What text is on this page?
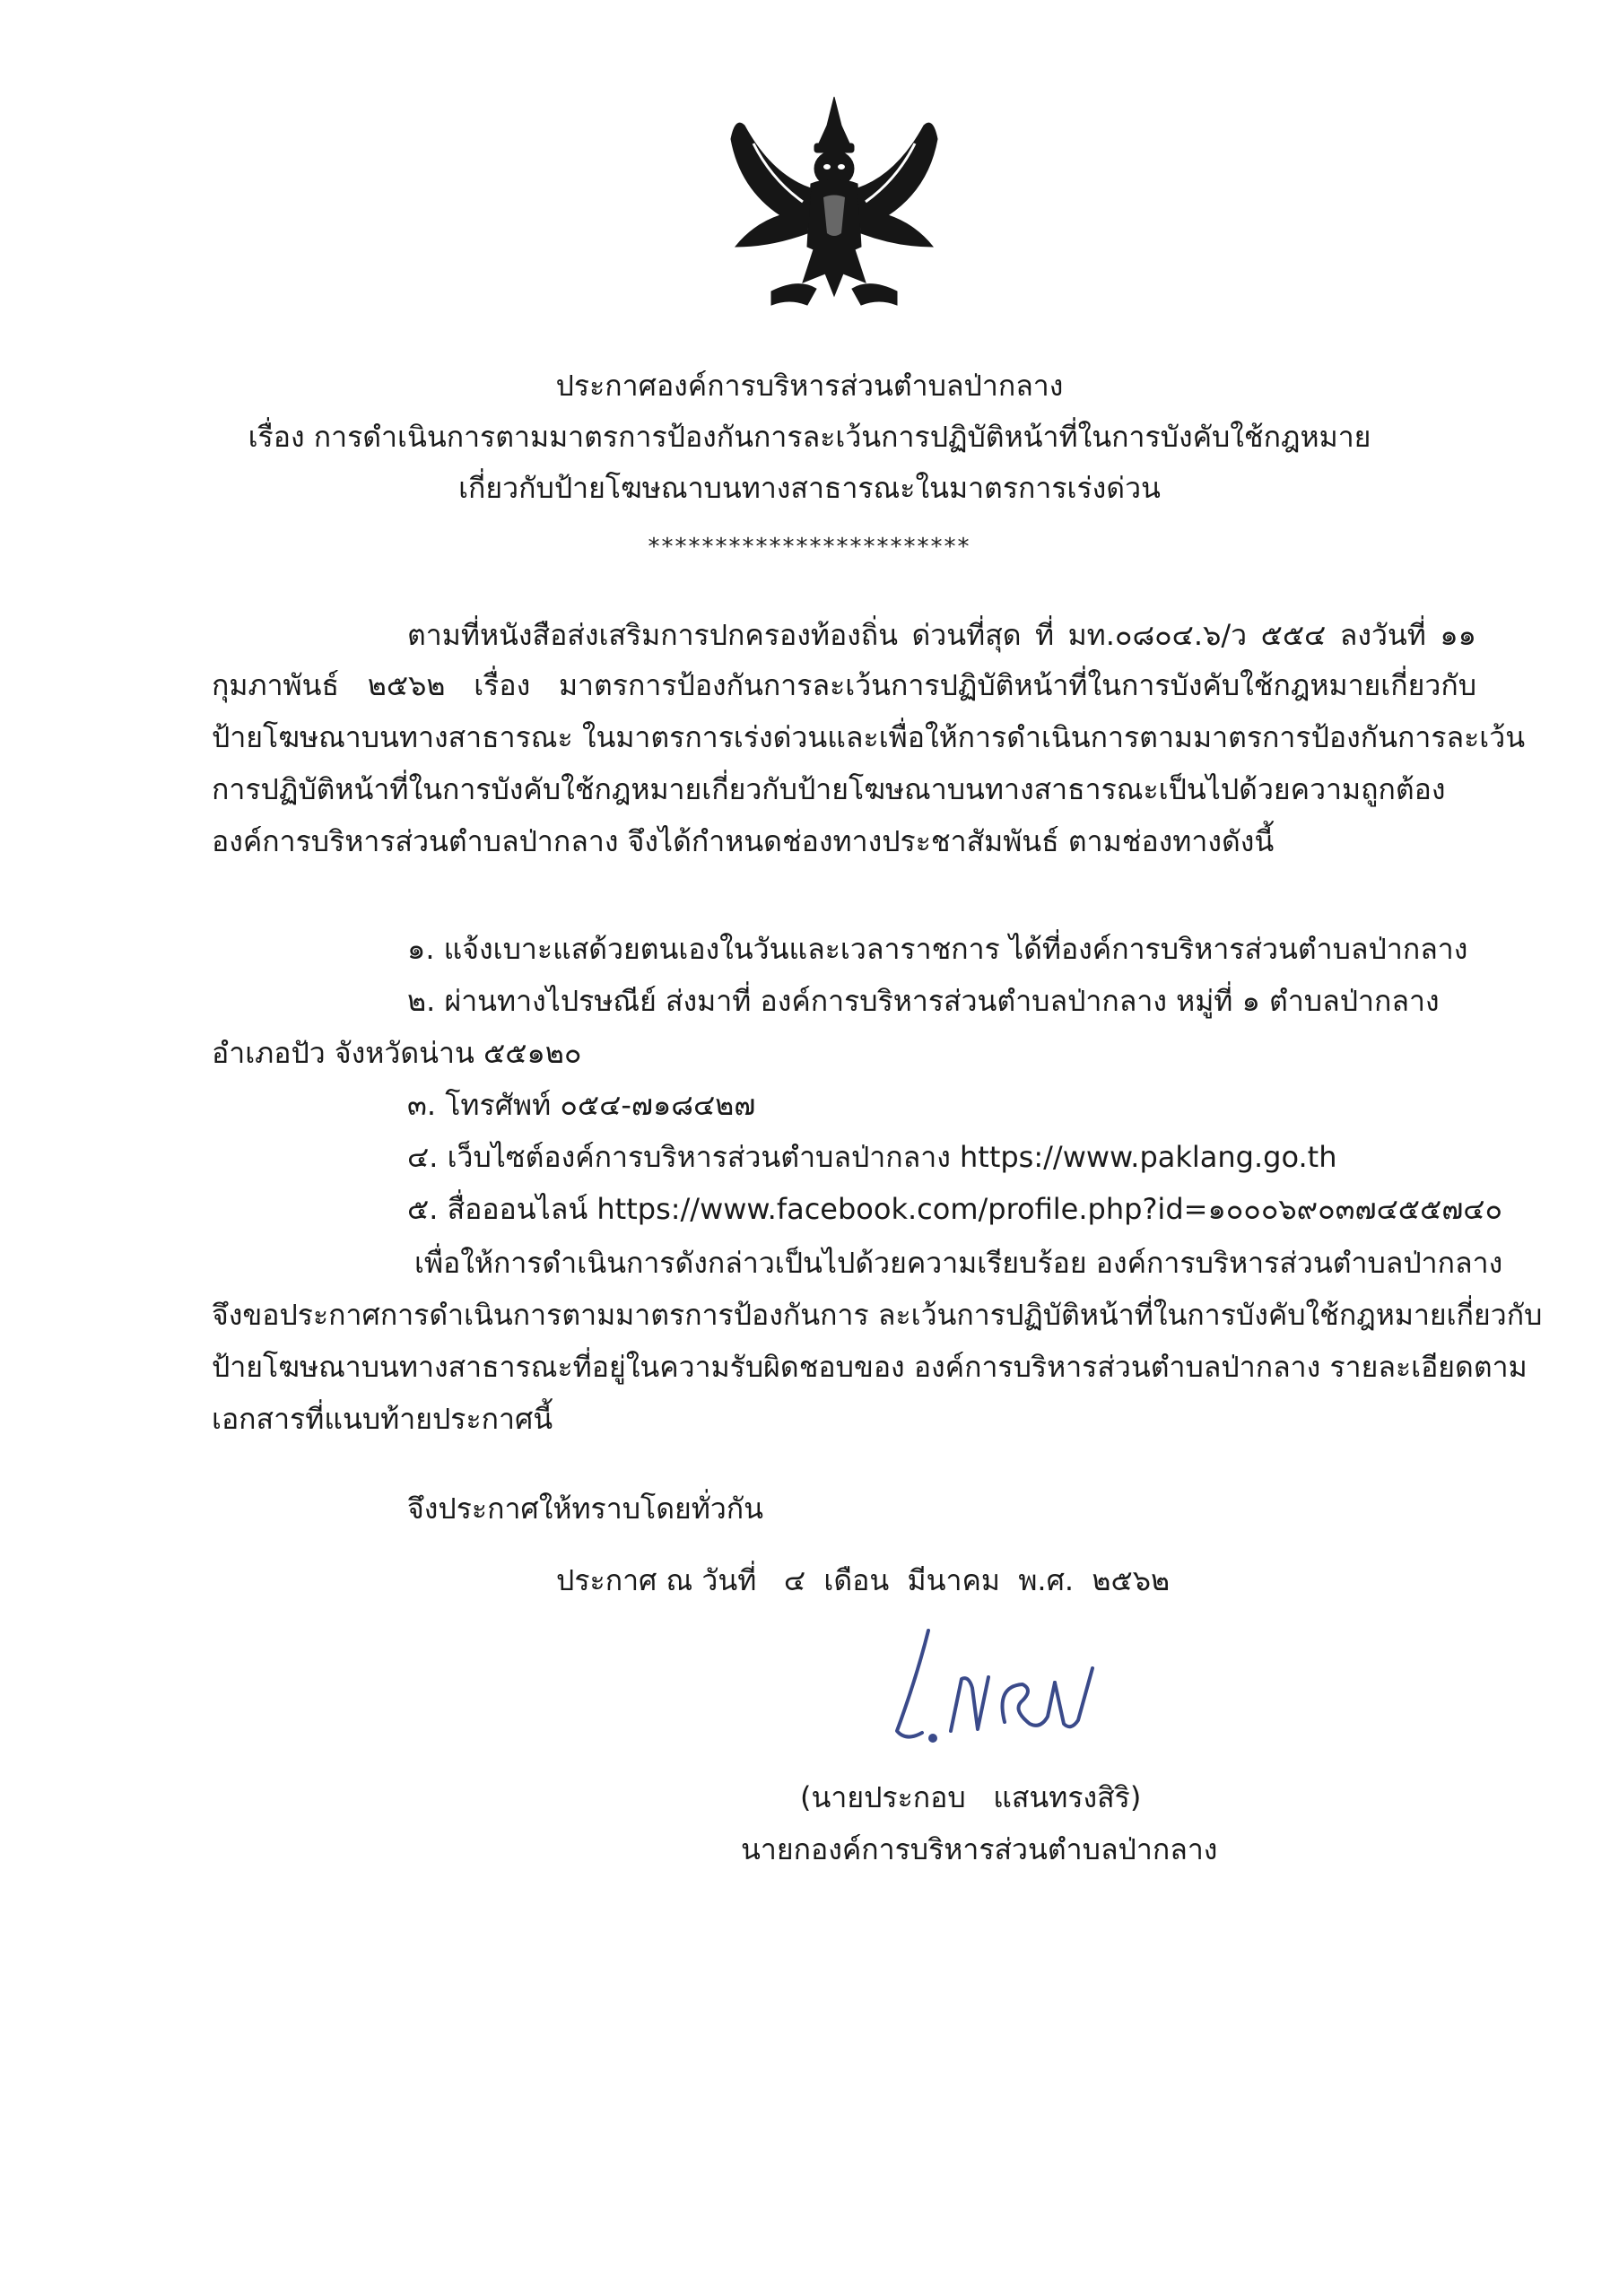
ประกาศองค์การบริหารส่วนตำบลป่ากลาง
เรื่อง การดำเนินการตามมาตรการป้องกันการละเว้นการปฏิบัติหน้าที่ในการบังคับใช้กฎหมาย
เกี่ยวกับป้ายโฆษณาบนทางสาธารณะในมาตรการเร่งด่วน
************************
ตามที่หนังสือส่งเสริมการปกครองท้องถิ่น ด่วนที่สุด ที่ มท.๐๘๐๔.๖/ว ๕๕๔ ลงวันที่ ๑๑
กุมภาพันธ์ ๒๕๖๒ เรื่อง มาตรการป้องกันการละเว้นการปฏิบัติหน้าที่ในการบังคับใช้กฎหมายเกี่ยวกับ
ป้ายโฆษณาบนทางสาธารณะ ในมาตรการเร่งด่วนและเพื่อให้การดำเนินการตามมาตรการป้องกันการละเว้น
การปฏิบัติหน้าที่ในการบังคับใช้กฎหมายเกี่ยวกับป้ายโฆษณาบนทางสาธารณะเป็นไปด้วยความถูกต้อง
องค์การบริหารส่วนตำบลป่ากลาง จึงได้กำหนดช่องทางประชาสัมพันธ์ ตามช่องทางดังนี้
๑. แจ้งเบาะแสด้วยตนเองในวันและเวลาราชการ ได้ที่องค์การบริหารส่วนตำบลป่ากลาง
๒. ผ่านทางไปรษณีย์ ส่งมาที่ องค์การบริหารส่วนตำบลป่ากลาง หมู่ที่ ๑ ตำบลป่ากลาง
อำเภอปัว จังหวัดน่าน ๕๕๑๒๐
๓. โทรศัพท์ ๐๕๔-๗๑๘๔๒๗
๔. เว็บไซต์องค์การบริหารส่วนตำบลป่ากลาง https://www.paklang.go.th
๕. สื่อออนไลน์ https://www.facebook.com/profile.php?id=๑๐๐๐๖๙๐๓๗๔๕๕๗๔๐
เพื่อให้การดำเนินการดังกล่าวเป็นไปด้วยความเรียบร้อย องค์การบริหารส่วนตำบลป่ากลาง
จึงขอประกาศการดำเนินการตามมาตรการป้องกันการ ละเว้นการปฏิบัติหน้าที่ในการบังคับใช้กฎหมายเกี่ยวกับ
ป้ายโฆษณาบนทางสาธารณะที่อยู่ในความรับผิดชอบของ องค์การบริหารส่วนตำบลป่ากลาง รายละเอียดตาม
เอกสารที่แนบท้ายประกาศนี้
จึงประกาศให้ทราบโดยทั่วกัน
ประกาศ ณ วันที่   ๔  เดือน  มีนาคม  พ.ศ.  ๒๕๖๒
(นายประกอบ   แสนทรงสิริ)
นายกองค์การบริหารส่วนตำบลป่ากลาง
